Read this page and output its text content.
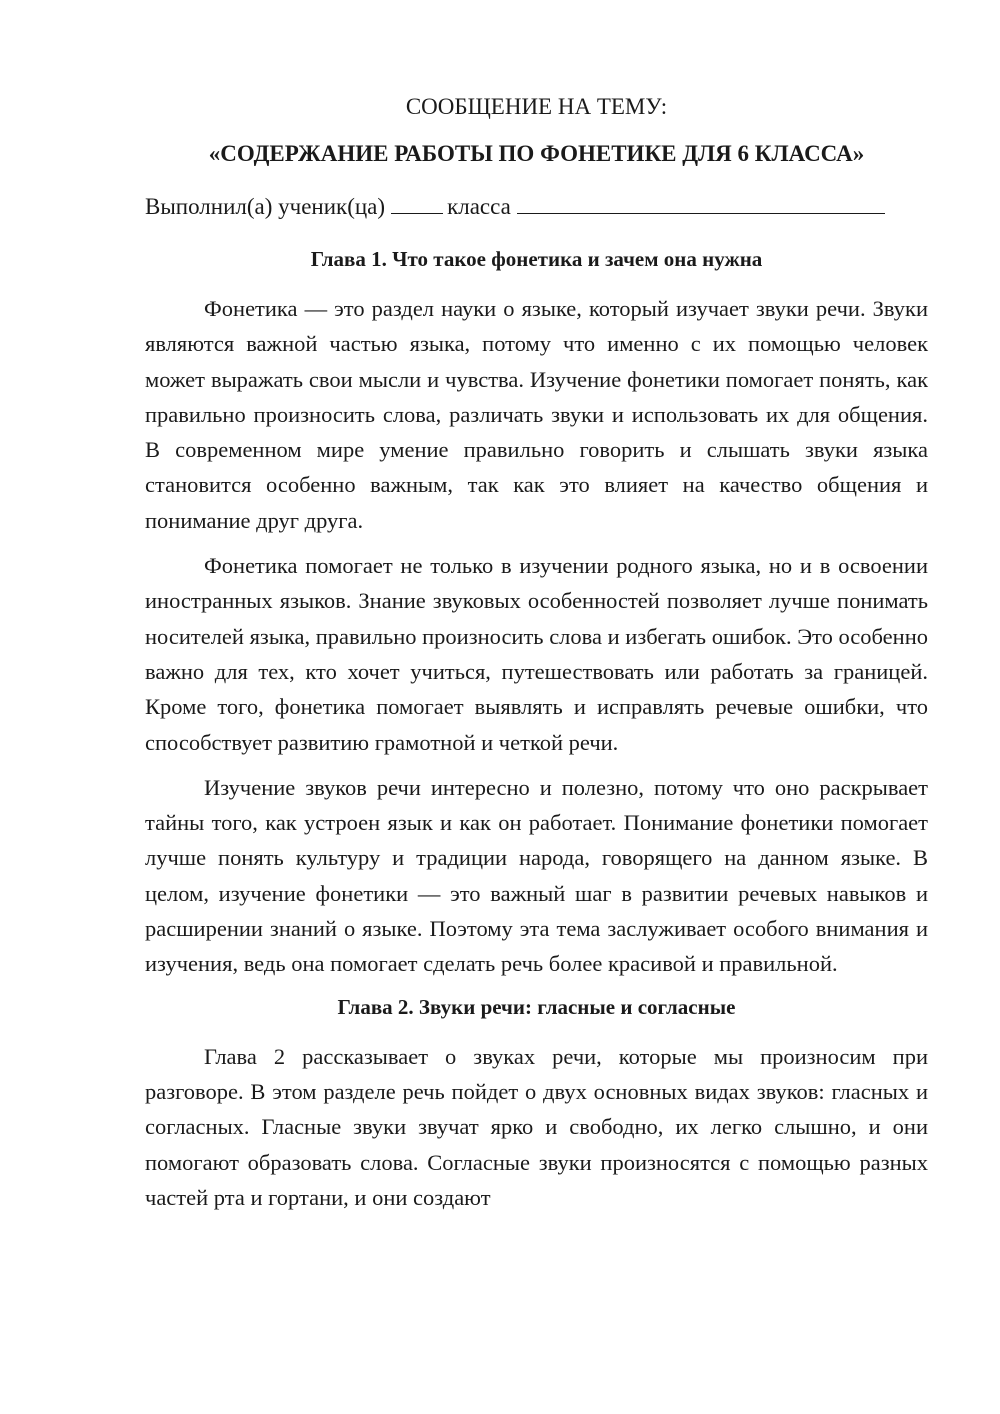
СООБЩЕНИЕ НА ТЕМУ:

«СОДЕРЖАНИЕ РАБОТЫ ПО ФОНЕТИКЕ ДЛЯ 6 КЛАССА»

Выполнил(а) ученик(ца)	класса

Глава 1. Что такое фонетика и зачем она нужна

Фонетика — это раздел науки о языке, который изучает звуки речи. Звуки являются важной частью языка, потому что именно с их помощью человек может выражать свои мысли и чувства. Изучение фонетики помогает понять, как правильно произносить слова, различать звуки и использовать их для общения. В современном мире умение правильно говорить и слышать звуки языка становится особенно важным, так как это влияет на качество общения и понимание друг друга.

Фонетика помогает не только в изучении родного языка, но и в освоении иностранных языков. Знание звуковых особенностей позволяет лучше понимать носителей языка, правильно произносить слова и избегать ошибок. Это особенно важно для тех, кто хочет учиться, путешествовать или работать за границей. Кроме того, фонетика помогает выявлять и исправлять речевые ошибки, что способствует развитию грамотной и четкой речи.

Изучение звуков речи интересно и полезно, потому что оно раскрывает тайны того, как устроен язык и как он работает. Понимание фонетики помогает лучше понять культуру и традиции народа, говорящего на данном языке. В целом, изучение фонетики — это важный шаг в развитии речевых навыков и расширении знаний о языке. Поэтому эта тема заслуживает особого внимания и изучения, ведь она помогает сделать речь более красивой и правильной.

Глава 2. Звуки речи: гласные и согласные

Глава 2 рассказывает о звуках речи, которые мы произносим при разговоре. В этом разделе речь пойдет о двух основных видах звуков: гласных и согласных. Гласные звуки звучат ярко и свободно, их легко слышно, и они помогают образовать слова. Согласные звуки произносятся с помощью разных частей рта и гортани, и они создают
